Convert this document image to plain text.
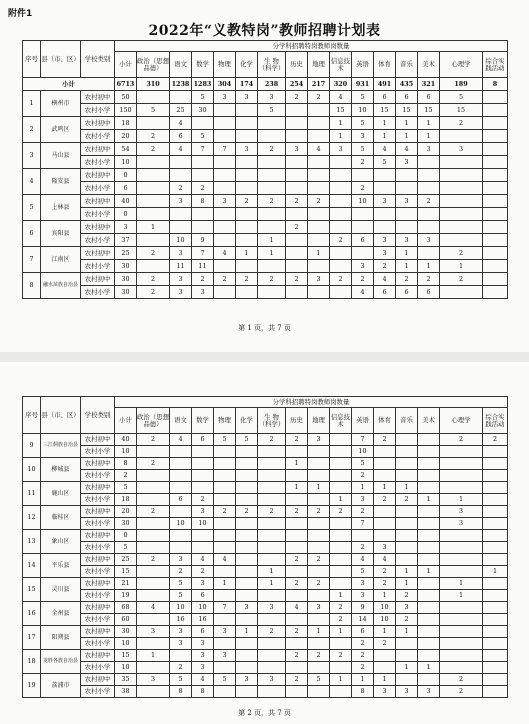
附件1
2022年“义教特岗”教师招聘计划表
序号	县（市、区）	学校类别	分学科招聘特岗教师岗数量															
			小计	政治（思想品德）	语文	数学	物理	化学	生 物（科学）	历史	地理	信息技术	英语	体育	音乐	美术	心理学	综合实践活动
小计			6713	310	1238	1283	304	174	238	254	217	320	931	491	435	321	189	8
1	横州市	农村初中	50			5	3	3	3	2	2	4	5	6	6	6	5	
		农村小学	150	5	25	30			5			15	10	15	15	15	15	
2	武鸣区	农村初中	18		4							1	5	1	1	1	2	
		农村小学	20	2	6	5						1	3	1	1	1		
3	马山县	农村初中	54	2	4	7	7	3	2	3	4	3	5	4	4	3	3	
		农村小学	10										2	5	3			
4	隆安县	农村初中	0															
		农村小学	6		2	2							2					
5	上林县	农村初中	40		3	8	3	2	2	2	2		10	3	3	2		
		农村小学	0															
6	宾阳县	农村初中	3	1						2								
		农村小学	37		10	9			1			2	6	3	3	3		
7	江南区	农村初中	25	2	3	7	4	1	1		1			3	1		2	
		农村小学	30		11	11							3	2	1	1	1	
8	融水苗族自治县	农村初中	30	2	3	2	2	2	2	2	3	2	2	4	2	2	2	
		农村小学	30	2	3	3							4	6	6	6		
第 1 页，共 7 页
序号	县（市、区）	学校类别	分学科招聘特岗教师岗数量															
			小计	政治（思想品德）	语文	数学	物理	化学	生 物（科学）	历史	地理	信息技术	英语	体育	音乐	美术	心理学	综合实践活动
9	三江侗族自治县	农村初中	40	2	4	6	5	5	2	2	3		7	2			2	2
		农村小学	10										10					
10	柳城县	农村初中	8	2						1			5					
		农村小学	2										2					
11	鹿山区	农村初中	5							1	1		1	1	1			
		农村小学	18		6	2						1	3	2	2	1	1	
12	临桂区	农村初中	20	2		3	2	2	2	2	2	2	2				3	
		农村小学	30		10	10							7				3	
13	象山区	农村初中	0															
		农村小学	5										2	3				
14	平乐县	农村初中	25	2	3	4	4			2	2		4	4				
		农村小学	15		2	2			1				5	2	1	1		1
15	灵川县	农村初中	21		5	3	1		1	2	2		3	2	1		1	
		农村小学	19		5	6						1	3	1	2		1	
16	全州县	农村初中	68	4	10	10	7	3	3	4	3	2	9	10	3			
		农村小学	60		16	16						2	14	10	2			
17	阳朔县	农村初中	30	3	3	6	3	1	2	2	1	1	6	1	1			
		农村小学	10		3	3							2	2				
18	龙胜各族自治县	农村初中	15	1		3	3			2	2	2	2					
		农村小学	10		2	3							2		1	1		
19	荔浦市	农村初中	35	3	5	4	5	3	3	2	5	1	1	1			2	
		农村小学	38		8	8							8	3	3	3	2	
第 2 页，共 7 页
